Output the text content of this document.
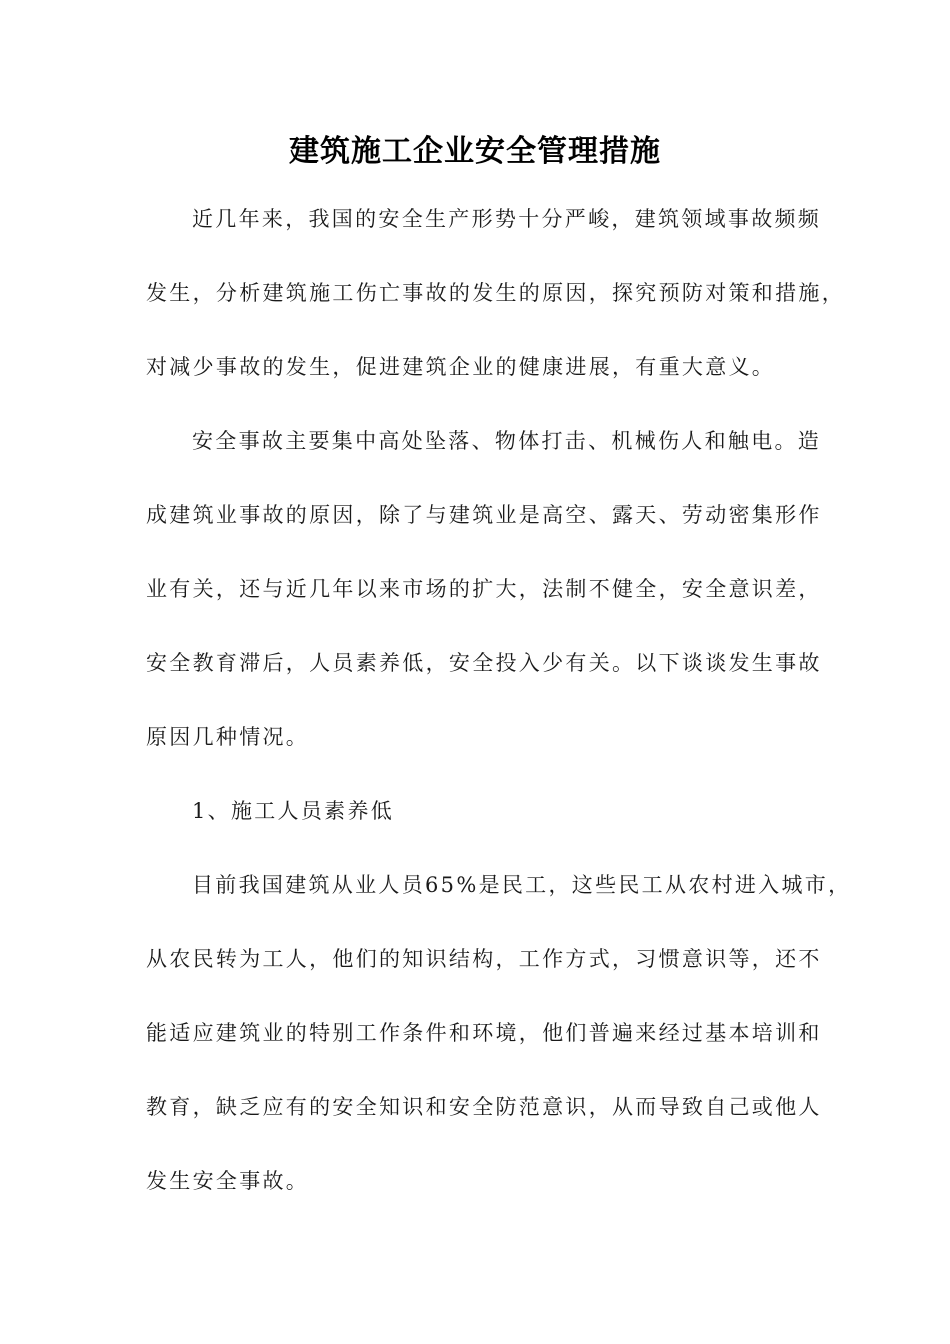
建筑施工企业安全管理措施
近几年来，我国的安全生产形势十分严峻，建筑领域事故频频
发生，分析建筑施工伤亡事故的发生的原因，探究预防对策和措施，
对减少事故的发生，促进建筑企业的健康进展，有重大意义。
安全事故主要集中高处坠落、物体打击、机械伤人和触电。造
成建筑业事故的原因，除了与建筑业是高空、露天、劳动密集形作
业有关，还与近几年以来市场的扩大，法制不健全，安全意识差，
安全教育滞后，人员素养低，安全投入少有关。以下谈谈发生事故
原因几种情况。
1、施工人员素养低
目前我国建筑从业人员65%是民工，这些民工从农村进入城市，
从农民转为工人，他们的知识结构，工作方式，习惯意识等，还不
能适应建筑业的特别工作条件和环境，他们普遍来经过基本培训和
教育，缺乏应有的安全知识和安全防范意识，从而导致自己或他人
发生安全事故。
